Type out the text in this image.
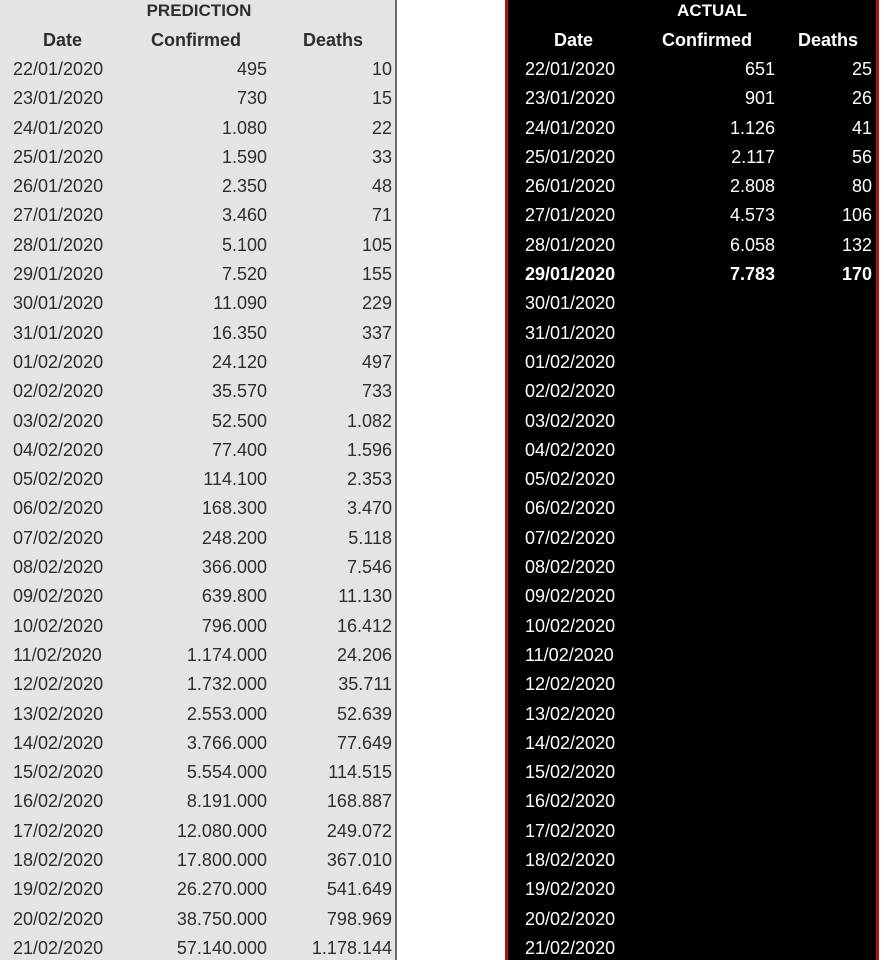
PREDICTION
Date	Confirmed	Deaths
22/01/2020	495	10
23/01/2020	730	15
24/01/2020	1.080	22
25/01/2020	1.590	33
26/01/2020	2.350	48
27/01/2020	3.460	71
28/01/2020	5.100	105
29/01/2020	7.520	155
30/01/2020	11.090	229
31/01/2020	16.350	337
01/02/2020	24.120	497
02/02/2020	35.570	733
03/02/2020	52.500	1.082
04/02/2020	77.400	1.596
05/02/2020	114.100	2.353
06/02/2020	168.300	3.470
07/02/2020	248.200	5.118
08/02/2020	366.000	7.546
09/02/2020	639.800	11.130
10/02/2020	796.000	16.412
11/02/2020	1.174.000	24.206
12/02/2020	1.732.000	35.711
13/02/2020	2.553.000	52.639
14/02/2020	3.766.000	77.649
15/02/2020	5.554.000	114.515
16/02/2020	8.191.000	168.887
17/02/2020	12.080.000	249.072
18/02/2020	17.800.000	367.010
19/02/2020	26.270.000	541.649
20/02/2020	38.750.000	798.969
21/02/2020	57.140.000 1.178.144
ACTUAL
Date	Confirmed	Deaths
22/01/2020	651	25
23/01/2020	901	26
24/01/2020	1.126	41
25/01/2020	2.117	56
26/01/2020	2.808	80
27/01/2020	4.573	106
28/01/2020	6.058	132
29/01/2020	7.783	170
30/01/2020
31/01/2020
01/02/2020
02/02/2020
03/02/2020
04/02/2020
05/02/2020
06/02/2020
07/02/2020
08/02/2020
09/02/2020
10/02/2020
11/02/2020
12/02/2020
13/02/2020
14/02/2020
15/02/2020
16/02/2020
17/02/2020
18/02/2020
19/02/2020
20/02/2020
21/02/2020
